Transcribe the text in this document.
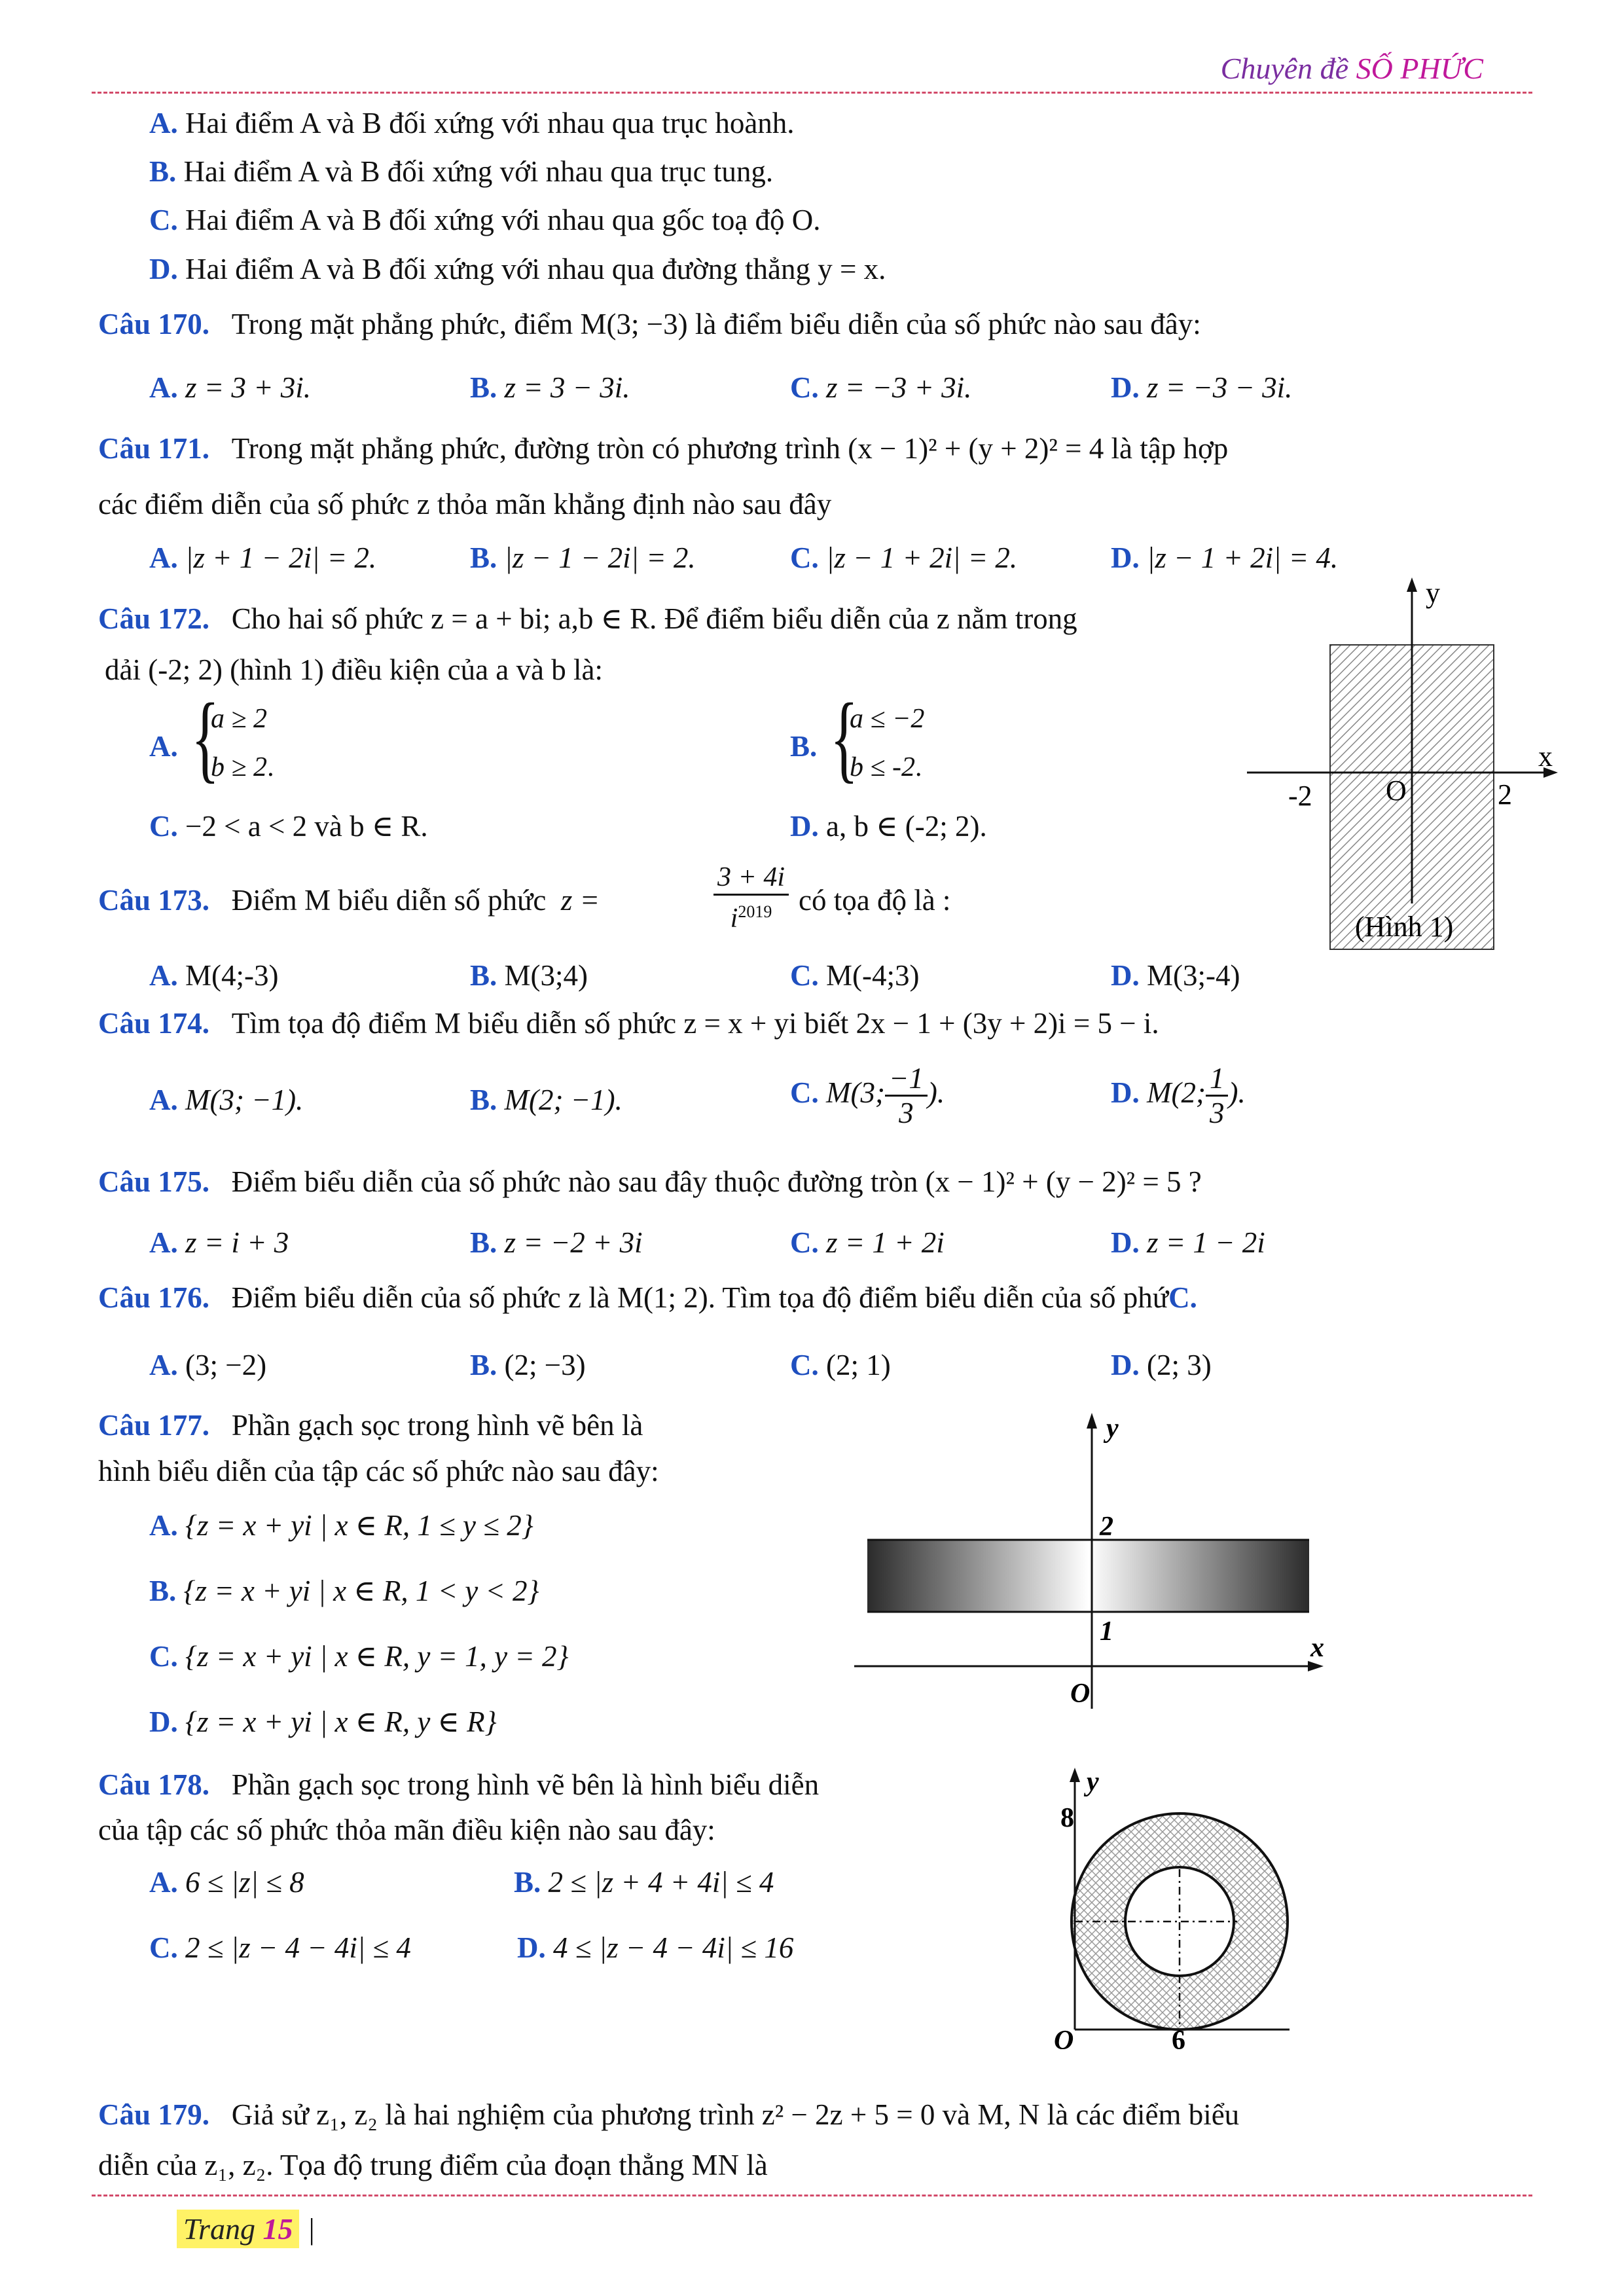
Chuyên đề SỐ PHỨC
A. Hai điểm A và B đối xứng với nhau qua trục hoành.
B. Hai điểm A và B đối xứng với nhau qua trục tung.
C. Hai điểm A và B đối xứng với nhau qua gốc toạ độ O.
D. Hai điểm A và B đối xứng với nhau qua đường thẳng y = x.
Câu 170. Trong mặt phẳng phức, điểm M(3; −3) là điểm biểu diễn của số phức nào sau đây:
A. z = 3 + 3i.	B. z = 3 − 3i.	C. z = −3 + 3i.	D. z = −3 − 3i.
Câu 171. Trong mặt phẳng phức, đường tròn có phương trình (x − 1)² + (y + 2)² = 4 là tập hợp
các điểm diễn của số phức z thỏa mãn khẳng định nào sau đây
A. |z + 1 − 2i| = 2.	B. |z − 1 − 2i| = 2.	C. |z − 1 + 2i| = 2.	D. |z − 1 + 2i| = 4.
Câu 172. Cho hai số phức z = a + bi; a,b ∈ R. Để điểm biểu diễn của z nằm trong
dải (-2; 2) (hình 1) điều kiện của a và b là:
A. {
a ≥ 2
b ≥ 2.
B. {
a ≤ −2
b ≤ -2.
C. −2 < a < 2 và b ∈ R.	D. a, b ∈ (-2; 2).
y
x
-2	O	2
(Hình 1)
Câu 173. Điểm M biểu diễn số phức z =	$\frac{3 + 4i}{i^{2019}}$ có tọa độ là :
A. M(4;-3)	B. M(3;4)	C. M(-4;3)	D. M(3;-4)
Câu 174. Tìm tọa độ điểm M biểu diễn số phức z = x + yi biết 2x − 1 + (3y + 2)i = 5 − i.
A. M(3; −1).	B. M(2; −1).	C. M(3; $\frac{-1}{3}$ ).	D. M(2; $\frac{1}{3}$ ).
Câu 175. Điểm biểu diễn của số phức nào sau đây thuộc đường tròn (x − 1)² + (y − 2)² = 5 ?
A. z = i + 3	B. z = −2 + 3i	C. z = 1 + 2i	D. z = 1 − 2i
Câu 176. Điểm biểu diễn của số phức z là M(1; 2). Tìm tọa độ điểm biểu diễn của số phứC.
A. (3; −2)	B. (2; −3)	C. (2; 1)	D. (2; 3)
Câu 177. Phần gạch sọc trong hình vẽ bên là
hình biểu diễn của tập các số phức nào sau đây:
A. {z = x + yi | x ∈ R, 1 ≤ y ≤ 2}
B. {z = x + yi | x ∈ R, 1 < y < 2}
C. {z = x + yi | x ∈ R, y = 1, y = 2}
D. {z = x + yi | x ∈ R, y ∈ R}
y
x
2
1
O
Câu 178. Phần gạch sọc trong hình vẽ bên là hình biểu diễn
của tập các số phức thỏa mãn điều kiện nào sau đây:
A. 6 ≤ |z| ≤ 8	B. 2 ≤ |z + 4 + 4i| ≤ 4
C. 2 ≤ |z − 4 − 4i| ≤ 4	D. 4 ≤ |z − 4 − 4i| ≤ 16
y
8
O	6
Câu 179. Giả sử z₁, z₂ là hai nghiệm của phương trình z² − 2z + 5 = 0 và M, N là các điểm biểu
diễn của z₁, z₂. Tọa độ trung điểm của đoạn thẳng MN là
Trang 15 |
